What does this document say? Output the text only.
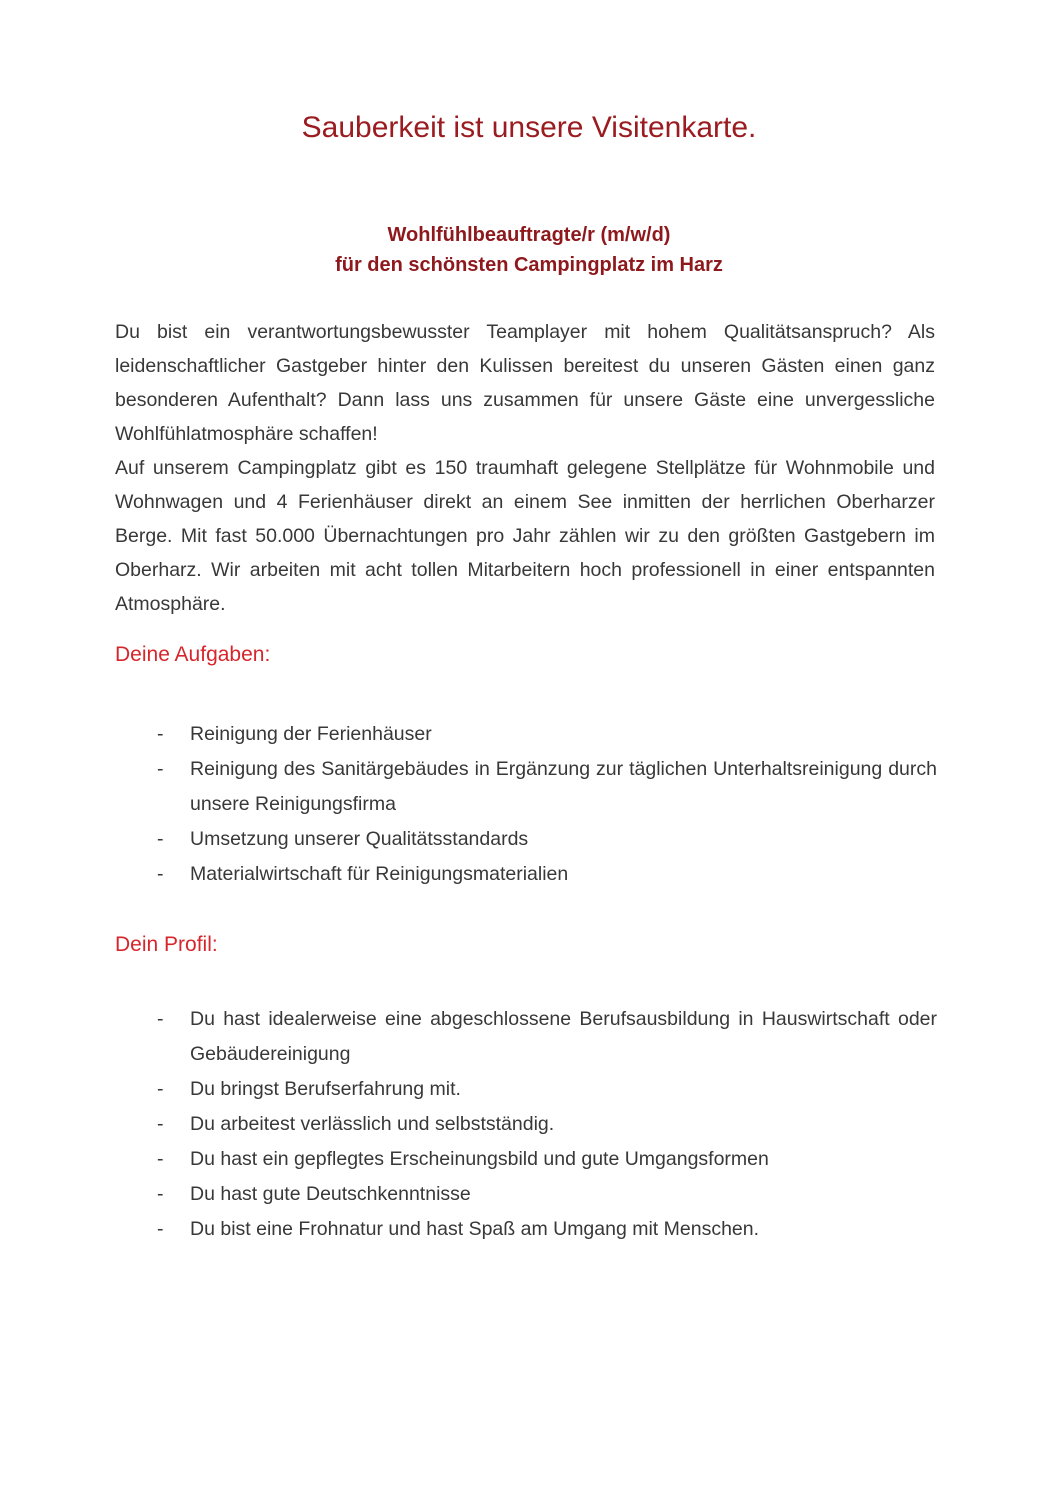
Sauberkeit ist unsere Visitenkarte.
Wohlfühlbeauftragte/r (m/w/d)
für den schönsten Campingplatz im Harz

Du bist ein verantwortungsbewusster Teamplayer mit hohem Qualitätsanspruch? Als leidenschaftlicher Gastgeber hinter den Kulissen bereitest du unseren Gästen einen ganz besonderen Aufenthalt? Dann lass uns zusammen für unsere Gäste eine unvergessliche Wohlfühlatmosphäre schaffen!

Auf unserem Campingplatz gibt es 150 traumhaft gelegene Stellplätze für Wohnmobile und Wohnwagen und 4 Ferienhäuser direkt an einem See inmitten der herrlichen Oberharzer Berge. Mit fast 50.000 Übernachtungen pro Jahr zählen wir zu den größten Gastgebern im Oberharz. Wir arbeiten mit acht tollen Mitarbeitern hoch professionell in einer entspannten Atmosphäre.

Deine Aufgaben:
- Reinigung der Ferienhäuser
- Reinigung des Sanitärgebäudes in Ergänzung zur täglichen Unterhaltsreinigung durch unsere Reinigungsfirma
- Umsetzung unserer Qualitätsstandards
- Materialwirtschaft für Reinigungsmaterialien
Dein Profil:
- Du hast idealerweise eine abgeschlossene Berufsausbildung in Hauswirtschaft oder Gebäudereinigung
- Du bringst Berufserfahrung mit.
- Du arbeitest verlässlich und selbstständig.
- Du hast ein gepflegtes Erscheinungsbild und gute Umgangsformen
- Du hast gute Deutschkenntnisse
- Du bist eine Frohnatur und hast Spaß am Umgang mit Menschen.
